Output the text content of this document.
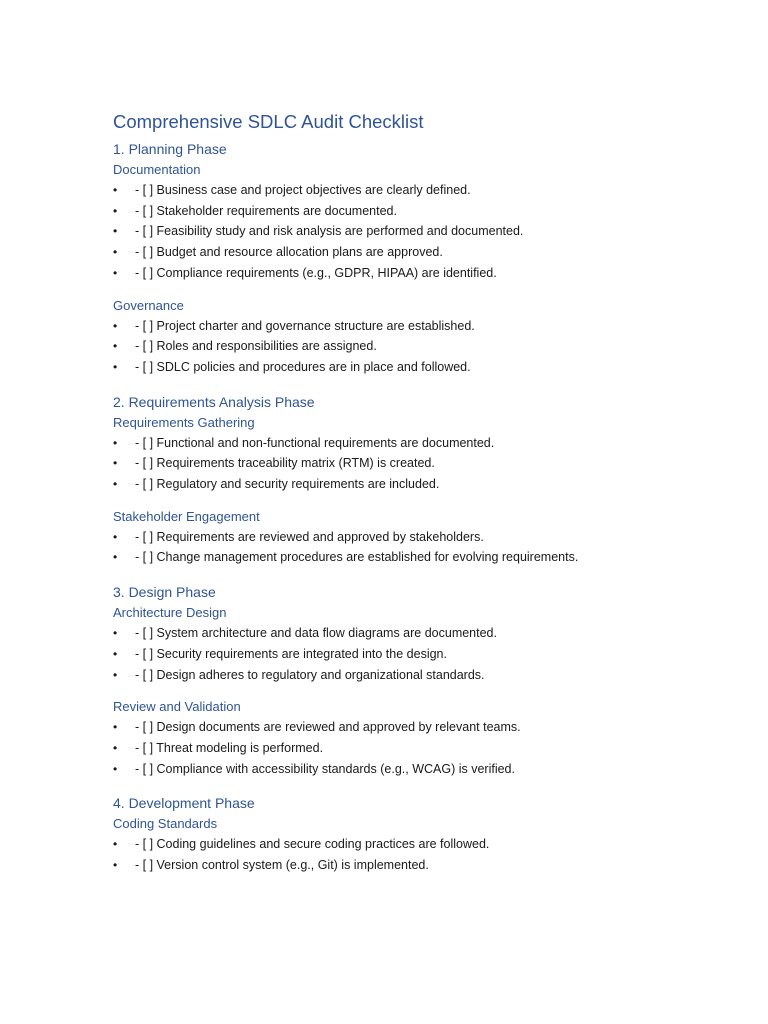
Comprehensive SDLC Audit Checklist
1. Planning Phase
Documentation
• - [ ] Business case and project objectives are clearly defined.
• - [ ] Stakeholder requirements are documented.
• - [ ] Feasibility study and risk analysis are performed and documented.
• - [ ] Budget and resource allocation plans are approved.
• - [ ] Compliance requirements (e.g., GDPR, HIPAA) are identified.
Governance
• - [ ] Project charter and governance structure are established.
• - [ ] Roles and responsibilities are assigned.
• - [ ] SDLC policies and procedures are in place and followed.
2. Requirements Analysis Phase
Requirements Gathering
• - [ ] Functional and non-functional requirements are documented.
• - [ ] Requirements traceability matrix (RTM) is created.
• - [ ] Regulatory and security requirements are included.
Stakeholder Engagement
• - [ ] Requirements are reviewed and approved by stakeholders.
• - [ ] Change management procedures are established for evolving requirements.
3. Design Phase
Architecture Design
• - [ ] System architecture and data flow diagrams are documented.
• - [ ] Security requirements are integrated into the design.
• - [ ] Design adheres to regulatory and organizational standards.
Review and Validation
• - [ ] Design documents are reviewed and approved by relevant teams.
• - [ ] Threat modeling is performed.
• - [ ] Compliance with accessibility standards (e.g., WCAG) is verified.
4. Development Phase
Coding Standards
• - [ ] Coding guidelines and secure coding practices are followed.
• - [ ] Version control system (e.g., Git) is implemented.
